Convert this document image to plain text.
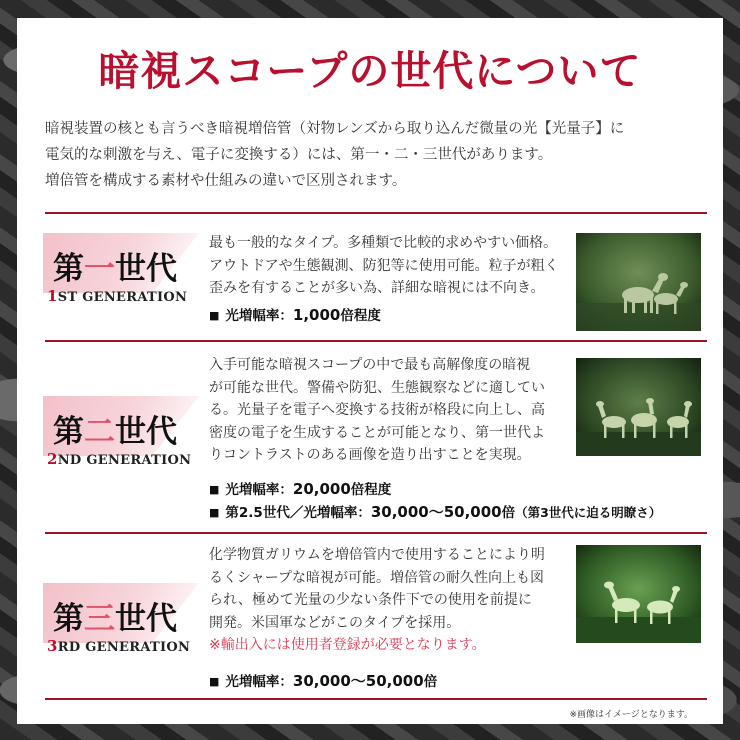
暗視スコープの世代について

暗視装置の核とも言うべき暗視増倍管（対物レンズから取り込んだ微量の光【光量子】に

電気的な刺激を与え、電子に変換する）には、第一・二・三世代があります。

増倍管を構成する素材や仕組みの違いで区別されます。

第一世代
1ST GENERATION

最も一般的なタイプ。多種類で比較的求めやすい価格。

アウトドアや生態観測、防犯等に使用可能。粒子が粗く

歪みを有することが多い為、詳細な暗視には不向き。

■ 光増幅率：1,000倍程度
第二世代
2ND GENERATION

入手可能な暗視スコープの中で最も高解像度の暗視

が可能な世代。警備や防犯、生態観察などに適してい

る。光量子を電子へ変換する技術が格段に向上し、高

密度の電子を生成することが可能となり、第一世代よ

りコントラストのある画像を造り出すことを実現。

■ 光増幅率：20,000倍程度
■ 第2.5世代／光増幅率：30,000〜50,000倍（第3世代に迫る明瞭さ）
第三世代
3RD GENERATION

化学物質ガリウムを増倍管内で使用することにより明

るくシャープな暗視が可能。増倍管の耐久性向上も図

られ、極めて光量の少ない条件下での使用を前提に

開発。米国軍などがこのタイプを採用。

※輸出入には使用者登録が必要となります。

■ 光増幅率：30,000〜50,000倍
※画像はイメージとなります。
